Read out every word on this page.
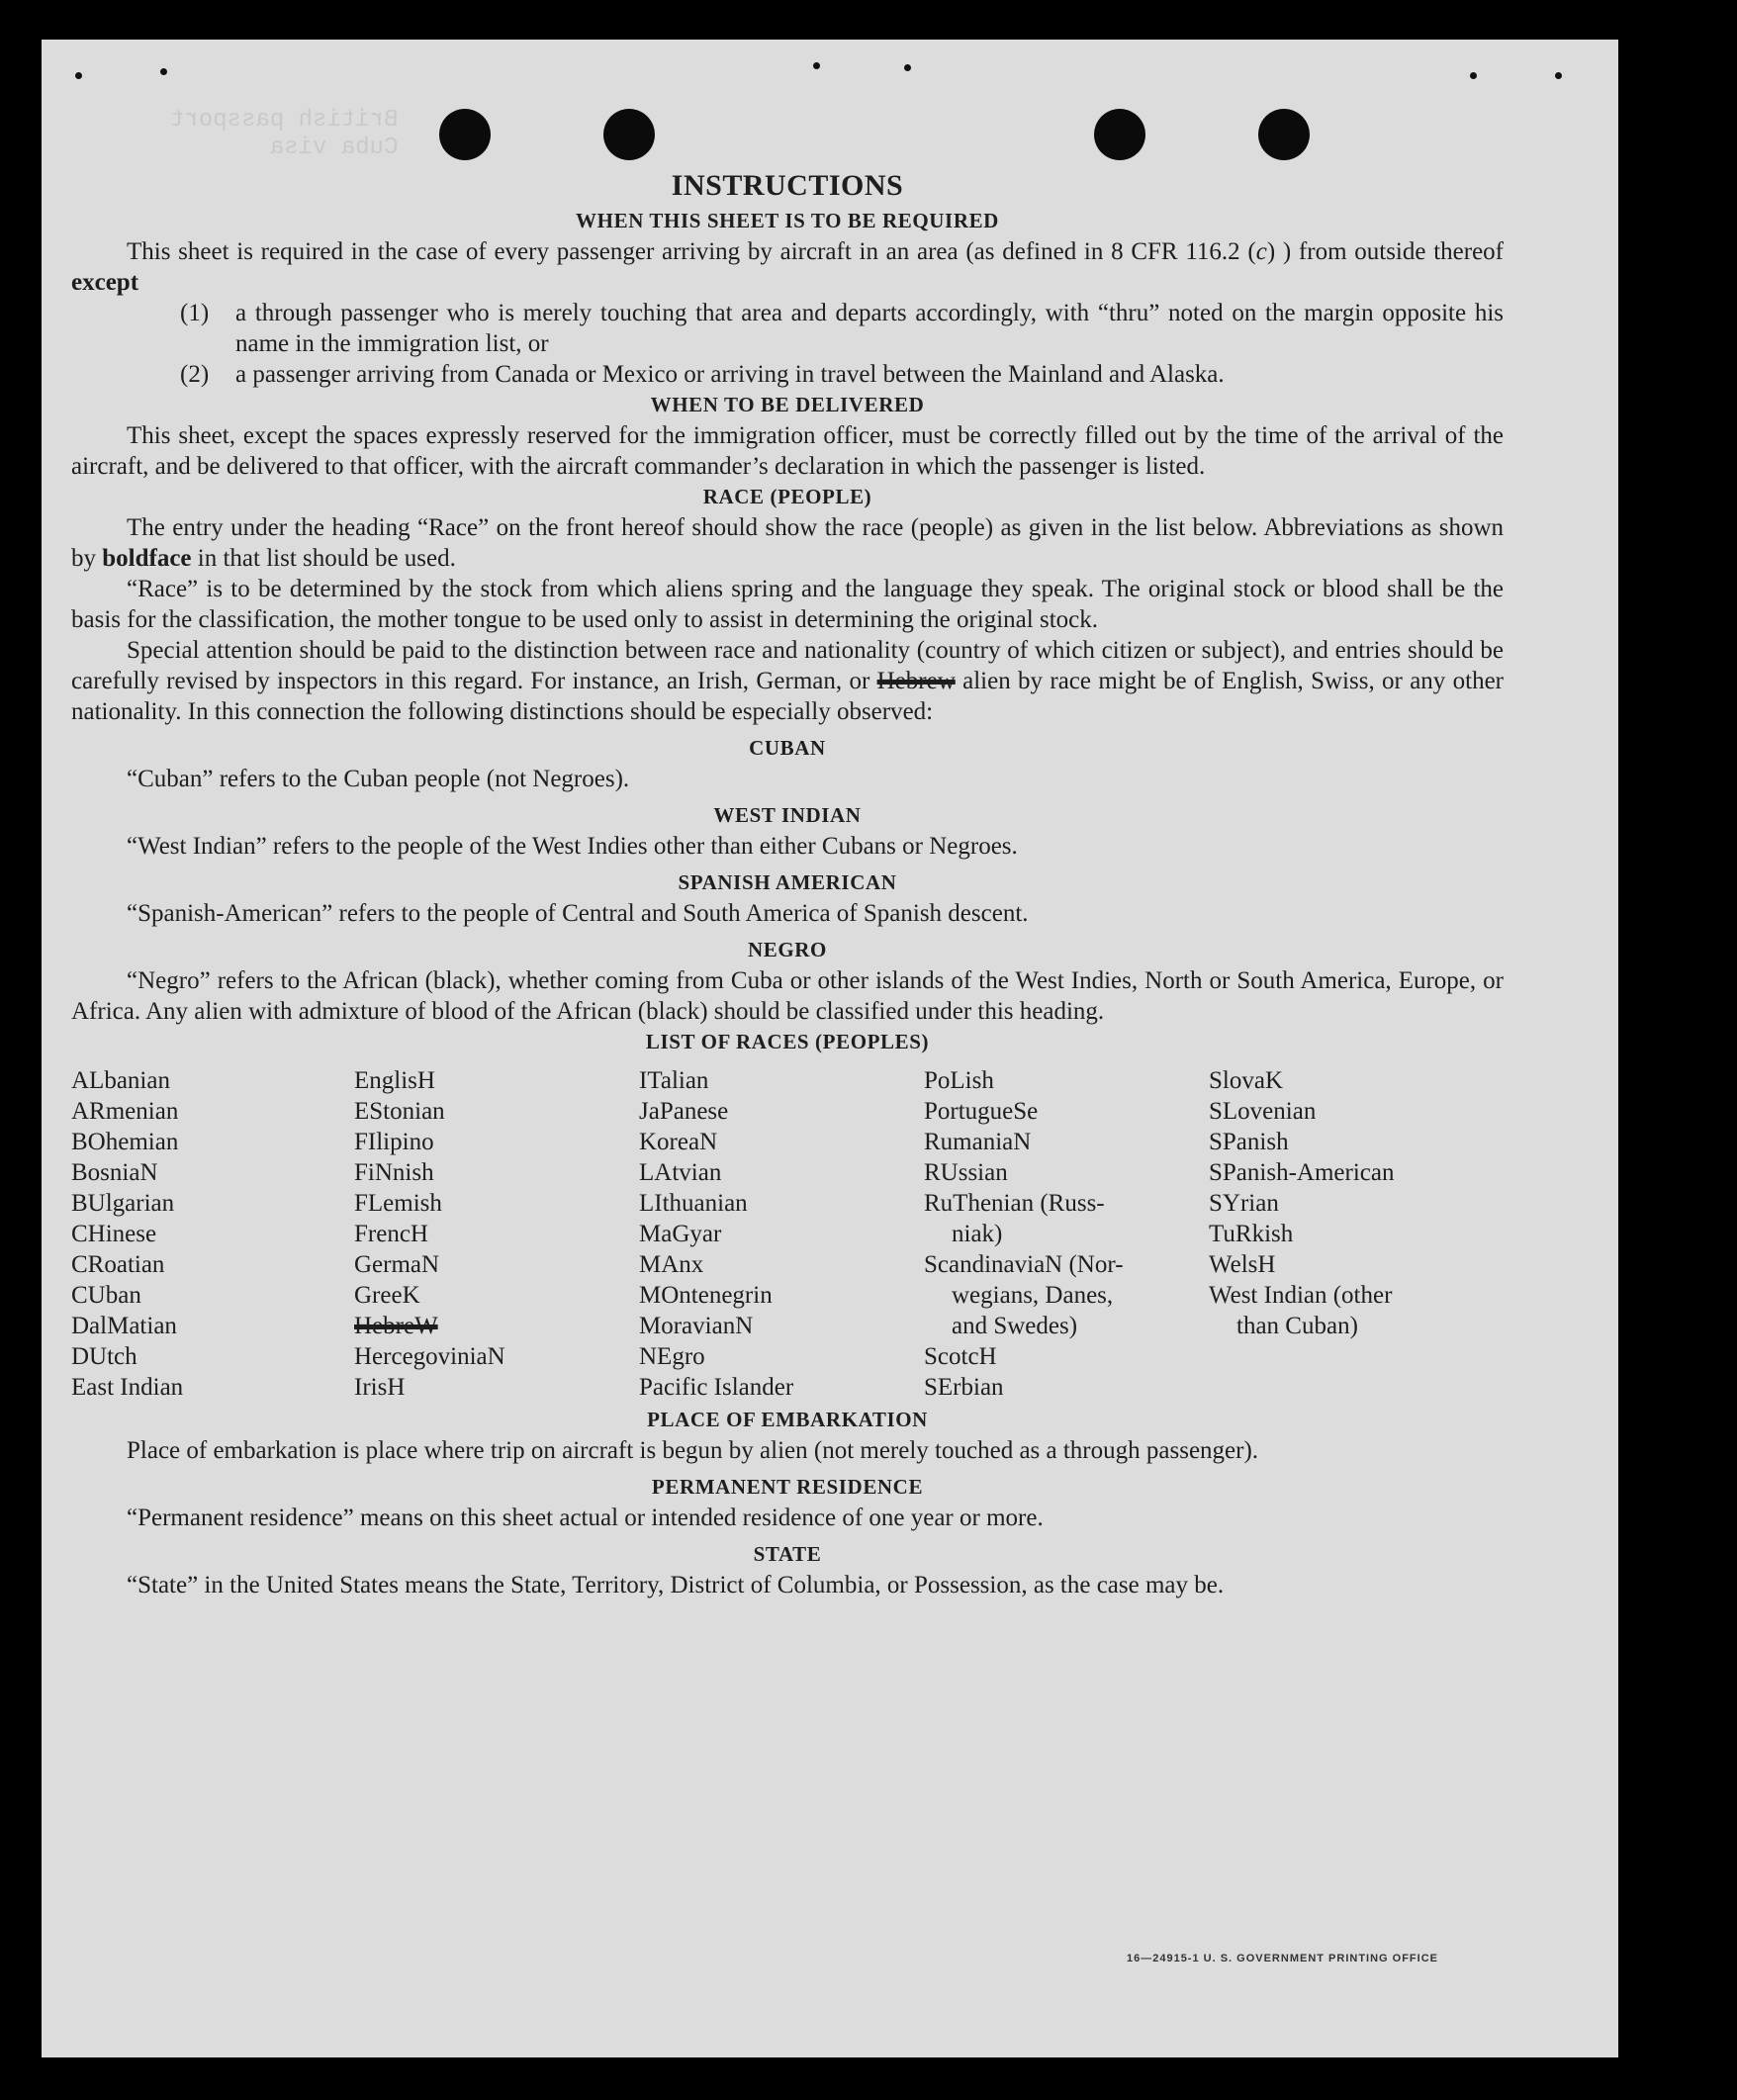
British passport
Cuba visa
INSTRUCTIONS
WHEN THIS SHEET IS TO BE REQUIRED

This sheet is required in the case of every passenger arriving by aircraft in an area (as defined in 8 CFR 116.2 (c) ) from outside thereof except

(1)	a through passenger who is merely touching that area and departs accordingly, with “thru” noted on the margin opposite his name in the immigration list, or
(2)	a passenger arriving from Canada or Mexico or arriving in travel between the Mainland and Alaska.
WHEN TO BE DELIVERED

This sheet, except the spaces expressly reserved for the immigration officer, must be correctly filled out by the time of the arrival of the aircraft, and be delivered to that officer, with the aircraft commander’s declaration in which the passenger is listed.

RACE (PEOPLE)

The entry under the heading “Race” on the front hereof should show the race (people) as given in the list below. Abbreviations as shown by boldface in that list should be used.

“Race” is to be determined by the stock from which aliens spring and the language they speak. The original stock or blood shall be the basis for the classification, the mother tongue to be used only to assist in determining the original stock.

Special attention should be paid to the distinction between race and nationality (country of which citizen or subject), and entries should be carefully revised by inspectors in this regard. For instance, an Irish, German, or Hebrew alien by race might be of English, Swiss, or any other nationality. In this connection the following distinctions should be especially observed:

CUBAN

“Cuban” refers to the Cuban people (not Negroes).

WEST INDIAN

“West Indian” refers to the people of the West Indies other than either Cubans or Negroes.

SPANISH AMERICAN

“Spanish-American” refers to the people of Central and South America of Spanish descent.

NEGRO

“Negro” refers to the African (black), whether coming from Cuba or other islands of the West Indies, North or South America, Europe, or Africa. Any alien with admixture of blood of the African (black) should be classified under this heading.

LIST OF RACES (PEOPLES)
ALbanian
ARmenian
BOhemian
BosniaN
BUlgarian
CHinese
CRoatian
CUban
DalMatian
DUtch
East Indian
EnglisH
EStonian
FIlipino
FiNnish
FLemish
FrencH
GermaN
GreeK
HebreW
HercegoviniaN
IrisH
ITalian
JaPanese
KoreaN
LAtvian
LIthuanian
MaGyar
MAnx
MOntenegrin
MoravianN
NEgro
Pacific Islander
PoLish
PortugueSe
RumaniaN
RUssian
RuThenian (Russ-
niak)
ScandinaviaN (Nor-
wegians, Danes,
and Swedes)
ScotcH
SErbian
SlovaK
SLovenian
SPanish
SPanish-American
SYrian
TuRkish
WelsH
West Indian (other
than Cuban)
PLACE OF EMBARKATION

Place of embarkation is place where trip on aircraft is begun by alien (not merely touched as a through passenger).

PERMANENT RESIDENCE

“Permanent residence” means on this sheet actual or intended residence of one year or more.

STATE

“State” in the United States means the State, Territory, District of Columbia, or Possession, as the case may be.

16—24915-1 U. S. GOVERNMENT PRINTING OFFICE
